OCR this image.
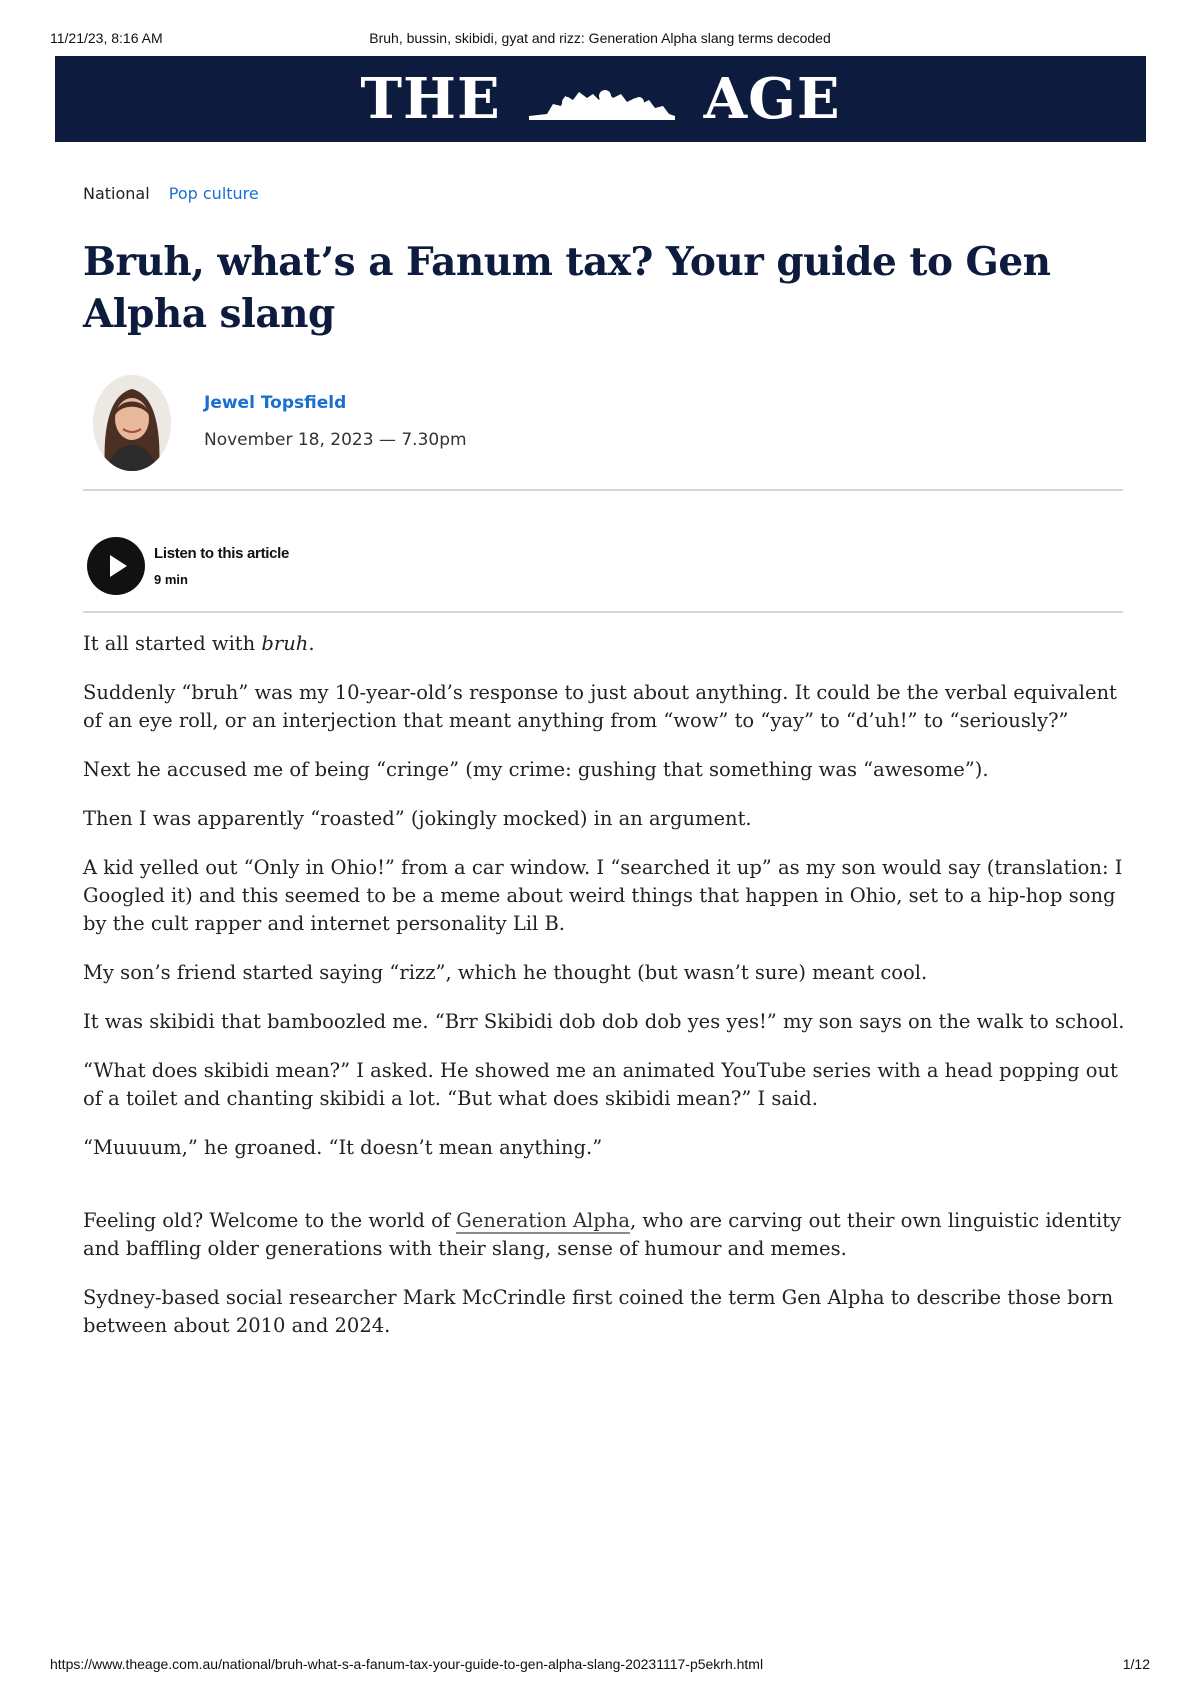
11/21/23, 8:16 AM	Bruh, bussin, skibidi, gyat and rizz: Generation Alpha slang terms decoded
THE	AGE
National Pop culture
Bruh, what’s a Fanum tax? Your guide to Gen Alpha slang
Jewel Topsfield
November 18, 2023 — 7.30pm
Listen to this article
9 min

It all started with bruh.

Suddenly “bruh” was my 10-year-old’s response to just about anything. It could be the verbal equivalent of an eye roll, or an interjection that meant anything from “wow” to “yay” to “d’uh!” to “seriously?”

Next he accused me of being “cringe” (my crime: gushing that something was “awesome”).

Then I was apparently “roasted” (jokingly mocked) in an argument.

A kid yelled out “Only in Ohio!” from a car window. I “searched it up” as my son would say (translation: I Googled it) and this seemed to be a meme about weird things that happen in Ohio, set to a hip-hop song by the cult rapper and internet personality Lil B.

My son’s friend started saying “rizz”, which he thought (but wasn’t sure) meant cool.

It was skibidi that bamboozled me. “Brr Skibidi dob dob dob yes yes!” my son says on the walk to school.

“What does skibidi mean?” I asked. He showed me an animated YouTube series with a head popping out of a toilet and chanting skibidi a lot. “But what does skibidi mean?” I said.

“Muuuum,” he groaned. “It doesn’t mean anything.”

Feeling old? Welcome to the world of Generation Alpha, who are carving out their own linguistic identity and baffling older generations with their slang, sense of humour and memes.

Sydney-based social researcher Mark McCrindle first coined the term Gen Alpha to describe those born between about 2010 and 2024.

https://www.theage.com.au/national/bruh-what-s-a-fanum-tax-your-guide-to-gen-alpha-slang-20231117-p5ekrh.html	1/12
